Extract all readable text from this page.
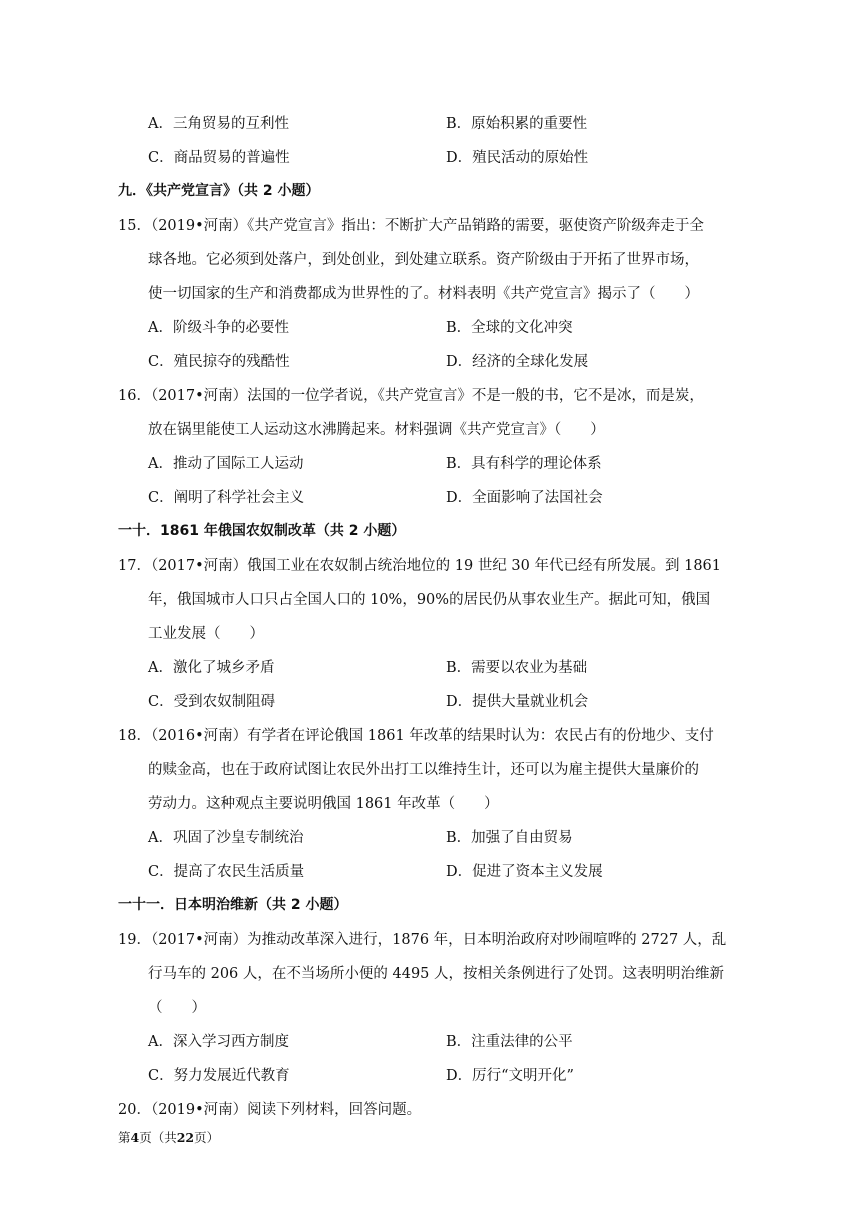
A．三角贸易的互利性	B．原始积累的重要性
C．商品贸易的普遍性	D．殖民活动的原始性
九．《共产党宣言》（共 2 小题）
15．（2019•河南）《共产党宣言》指出：不断扩大产品销路的需要，驱使资产阶级奔走于全
球各地。它必须到处落户，到处创业，到处建立联系。资产阶级由于开拓了世界市场，
使一切国家的生产和消费都成为世界性的了。材料表明《共产党宣言》揭示了（　　）
A．阶级斗争的必要性	B．全球的文化冲突
C．殖民掠夺的残酷性	D．经济的全球化发展
16．（2017•河南）法国的一位学者说，《共产党宣言》不是一般的书，它不是冰，而是炭，
放在锅里能使工人运动这水沸腾起来。材料强调《共产党宣言》（　　）
A．推动了国际工人运动	B．具有科学的理论体系
C．阐明了科学社会主义	D．全面影响了法国社会
一十．1861 年俄国农奴制改革（共 2 小题）
17．（2017•河南）俄国工业在农奴制占统治地位的 19 世纪 30 年代已经有所发展。到 1861
年，俄国城市人口只占全国人口的 10%，90%的居民仍从事农业生产。据此可知，俄国
工业发展（　　）
A．激化了城乡矛盾	B．需要以农业为基础
C．受到农奴制阻碍	D．提供大量就业机会
18．（2016•河南）有学者在评论俄国 1861 年改革的结果时认为：农民占有的份地少、支付
的赎金高，也在于政府试图让农民外出打工以维持生计，还可以为雇主提供大量廉价的
劳动力。这种观点主要说明俄国 1861 年改革（　　）
A．巩固了沙皇专制统治	B．加强了自由贸易
C．提高了农民生活质量	D．促进了资本主义发展
一十一．日本明治维新（共 2 小题）
19．（2017•河南）为推动改革深入进行，1876 年，日本明治政府对吵闹喧哗的 2727 人，乱
行马车的 206 人，在不当场所小便的 4495 人，按相关条例进行了处罚。这表明明治维新
（　　）
A．深入学习西方制度	B．注重法律的公平
C．努力发展近代教育	D．厉行“文明开化”
20．（2019•河南）阅读下列材料，回答问题。
第4页（共22页）
